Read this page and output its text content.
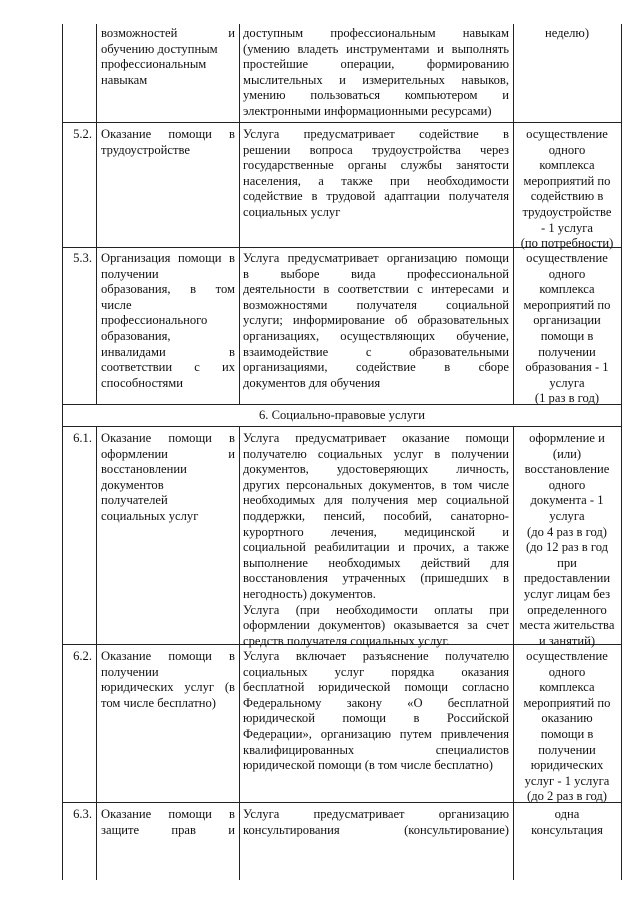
возможностей и
обучению доступным
профессиональным
навыкам
доступным профессиональным навыкам
(умению владеть инструментами и выполнять
простейшие операции, формированию
мыслительных и измерительных навыков,
умению пользоваться компьютером и
электронными информационными ресурсами)
неделю)
5.2. Оказание помощи в
трудоустройстве
Услуга предусматривает содействие в
решении вопроса трудоустройства через
государственные органы службы занятости
населения, а также при необходимости
содействие в трудовой адаптации получателя
социальных услуг
осуществление
одного
комплекса
мероприятий по
содействию в
трудоустройстве
- 1 услуга
(по потребности)
5.3. Организация помощи в
получении
образования, в том
числе
профессионального
образования,
инвалидами в
соответствии с их
способностями
Услуга предусматривает организацию помощи
в выборе вида профессиональной
деятельности в соответствии с интересами и
возможностями получателя социальной
услуги; информирование об образовательных
организациях, осуществляющих обучение,
взаимодействие с образовательными
организациями, содействие в сборе
документов для обучения
осуществление
одного
комплекса
мероприятий по
организации
помощи в
получении
образования - 1
услуга
(1 раз в год)
6. Социально-правовые услуги
6.1. Оказание помощи в
оформлении и
восстановлении
документов
получателей
социальных услуг
Услуга предусматривает оказание помощи
получателю социальных услуг в получении
документов, удостоверяющих личность,
других персональных документов, в том числе
необходимых для получения мер социальной
поддержки, пенсий, пособий, санаторно-
курортного лечения, медицинской и
социальной реабилитации и прочих, а также
выполнение необходимых действий для
восстановления утраченных (пришедших в
негодность) документов.
Услуга (при необходимости оплаты при
оформлении документов) оказывается за счет
средств получателя социальных услуг.
оформление и
(или)
восстановление
одного
документа - 1
услуга
(до 4 раз в год)
(до 12 раз в год
при
предоставлении
услуг лицам без
определенного
места жительства
и занятий)
6.2. Оказание помощи в
получении
юридических услуг (в
том числе бесплатно)
Услуга включает разъяснение получателю
социальных услуг порядка оказания
бесплатной юридической помощи согласно
Федеральному закону «О бесплатной
юридической помощи в Российской
Федерации», организацию путем привлечения
квалифицированных специалистов
юридической помощи (в том числе бесплатно)
осуществление
одного
комплекса
мероприятий по
оказанию
помощи в
получении
юридических
услуг - 1 услуга
(до 2 раз в год)
6.3. Оказание помощи в
защите прав и
Услуга предусматривает организацию
консультирования (консультирование)
одна
консультация
